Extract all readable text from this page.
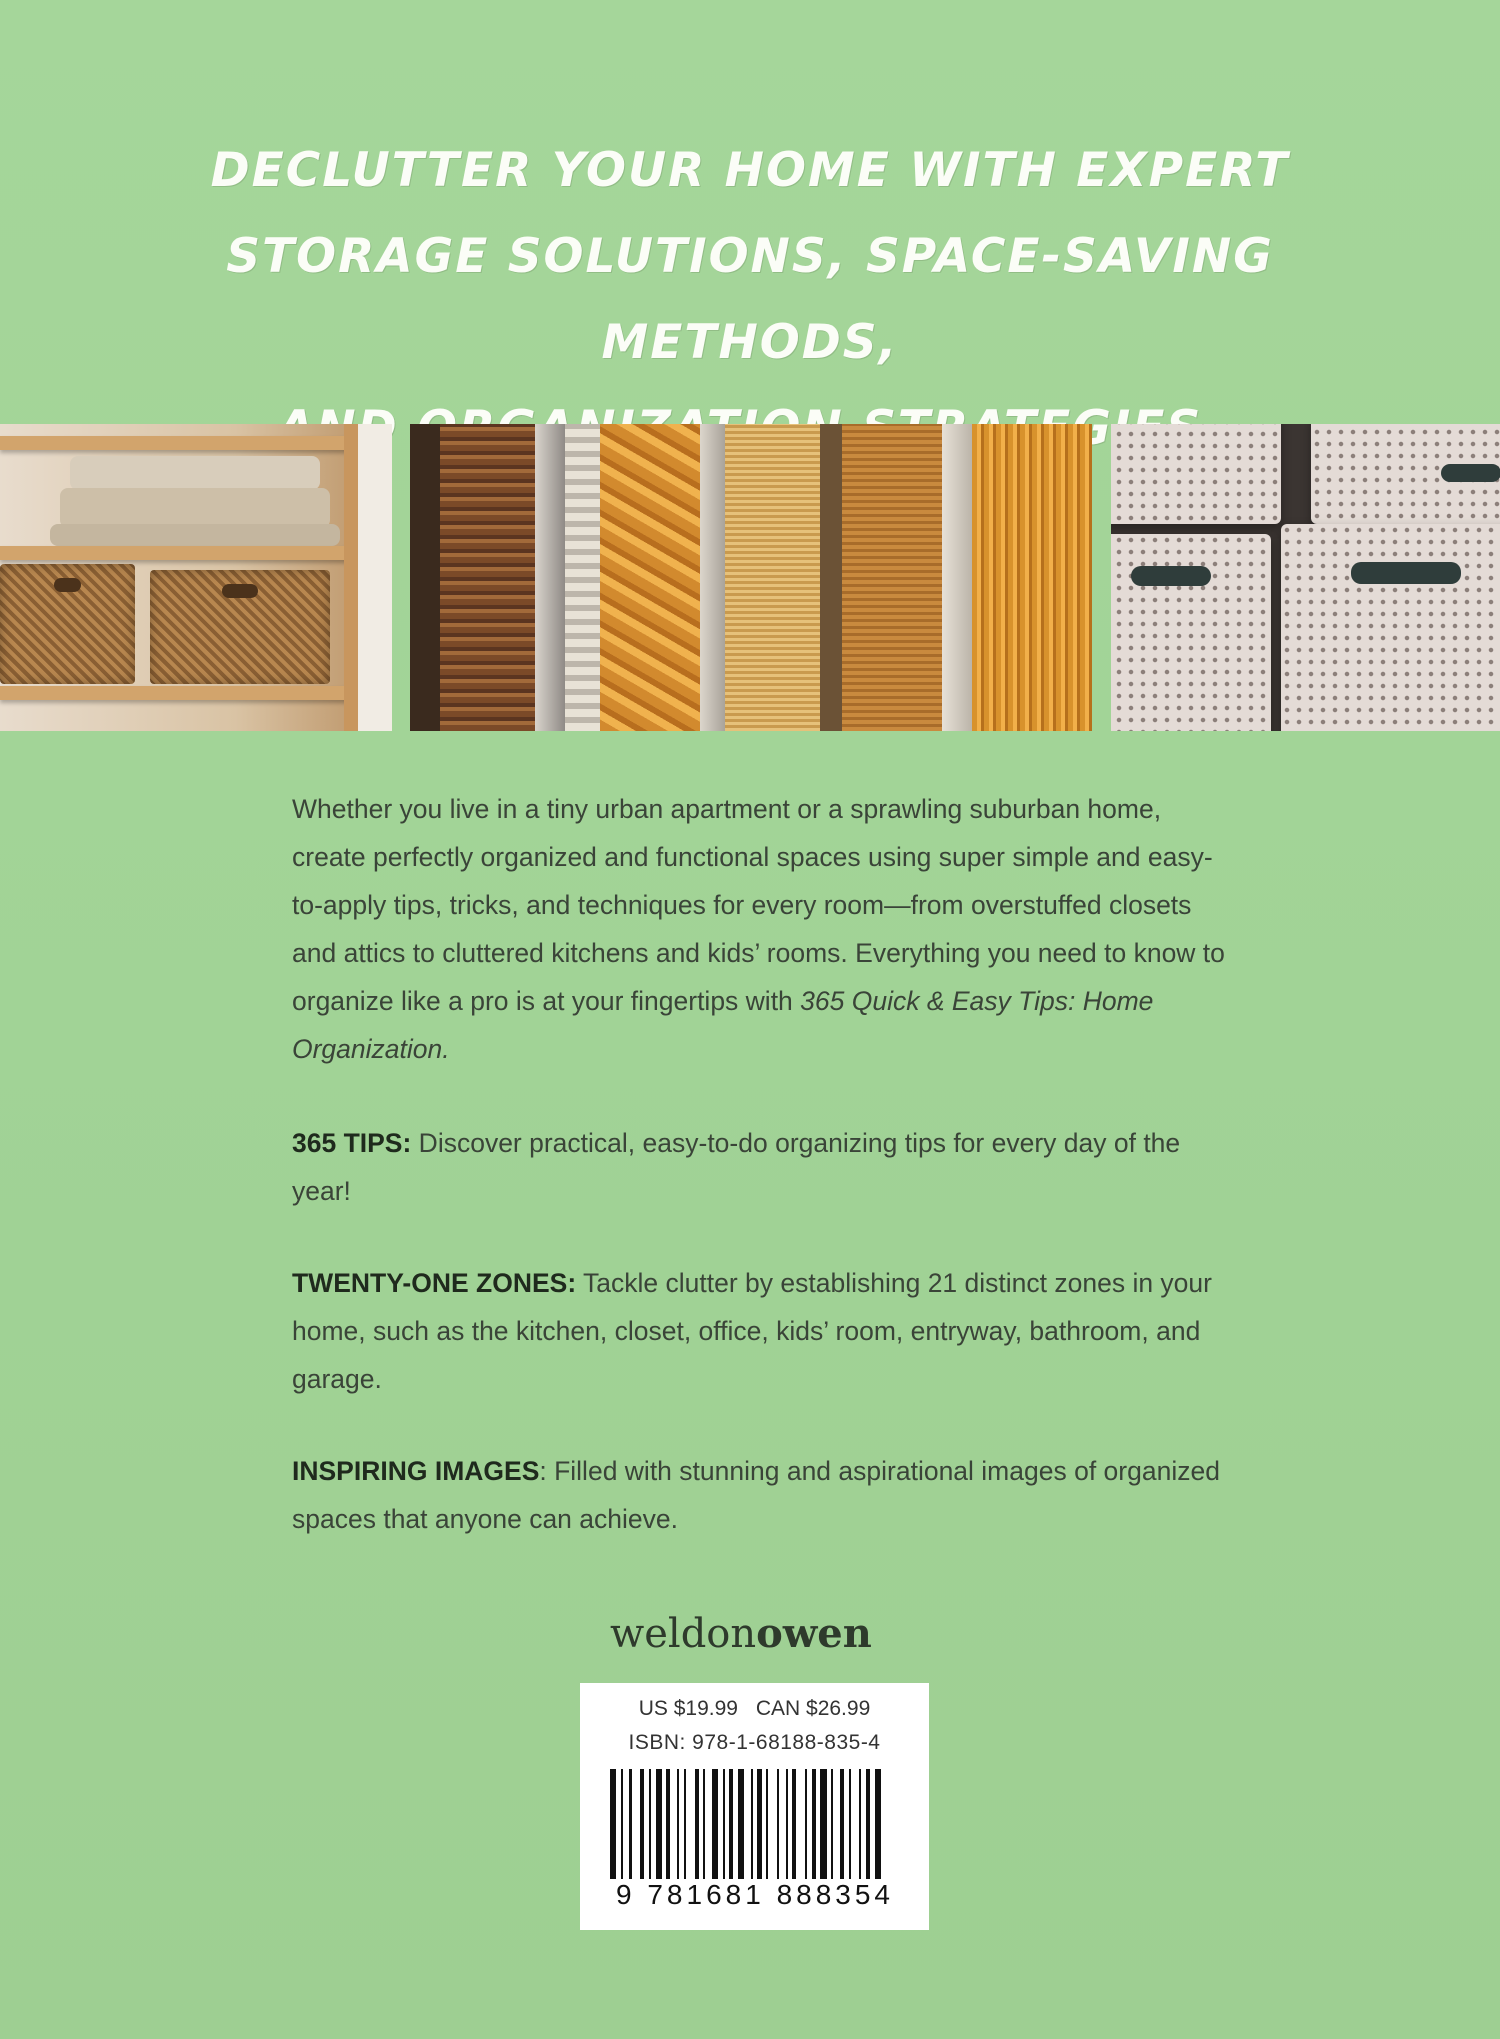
DECLUTTER YOUR HOME WITH EXPERT
STORAGE SOLUTIONS, SPACE-SAVING METHODS,

Whether you live in a tiny urban apartment or a sprawling suburban home, create perfectly organized and functional spaces using super simple and easy-to-apply tips, tricks, and techniques for every room—from overstuffed closets and attics to cluttered kitchens and kids’ rooms. Everything you need to know to organize like a pro is at your fingertips with 365 Quick & Easy Tips: Home Organization.

365 TIPS: Discover practical, easy-to-do organizing tips for every day of the year!

TWENTY-ONE ZONES: Tackle clutter by establishing 21 distinct zones in your home, such as the kitchen, closet, office, kids’ room, entryway, bathroom, and garage.

INSPIRING IMAGES: Filled with stunning and aspirational images of organized spaces that anyone can achieve.

weldonowen
US $19.99 CAN $26.99
ISBN: 978-1-68188-835-4
9 781681 888354
